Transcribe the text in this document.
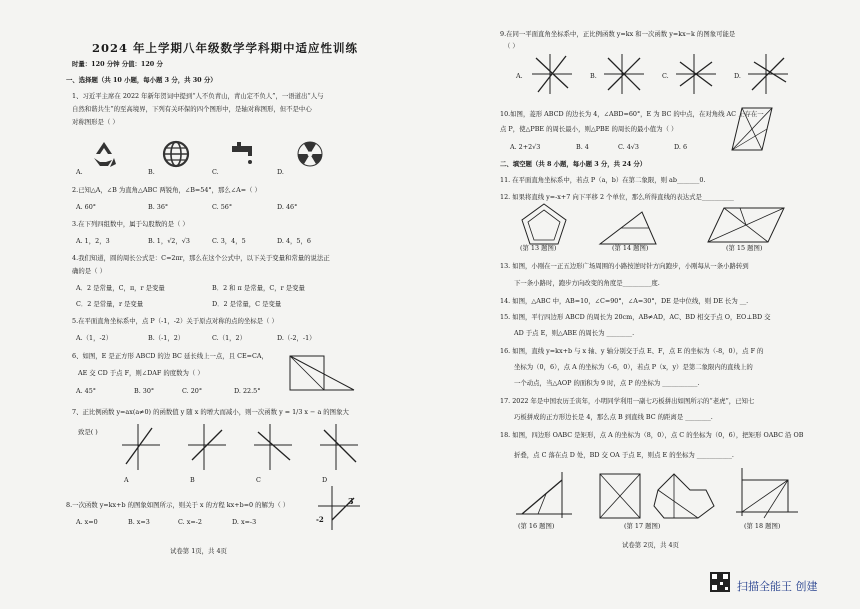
2024 年上学期八年级数学学科期中适应性训练
时量：120 分钟 分值：120 分
一、选择题（共 10 小题，每小题 3 分，共 30 分）
1、习近平主席在 2022 年新年贺词中提到“人不负青山，青山定不负人”，一语道出“人与
自然和谐共生”的至高境界，下列有关环保的四个图形中，是轴对称图形，但不是中心
对称图形是（ ）
A.	B.	C.	D.
2.已知△A，∠B 为直角△ABC 两锐角，∠B=54°，那么∠A=（ ）
A. 60°	B. 36°	C. 56°	D. 46°
3.在下列四组数中，属于勾股数的是（ ）
A. 1，2，3	B. 1，√2，√3	C. 3，4，5	D. 4，5，6
4.我们知道，圆的周长公式是：C=2πr，那么在这个公式中，以下关于变量和常量的说法正
确的是（ ）
A．2 是常量，C，π，r 是变量	B．2 和 π 是常量，C，r 是变量
C．2 是常量，r 是变量	D．2 是常量，C 是变量
5.在平面直角坐标系中，点 P（-1，-2）关于原点对称的点的坐标是（ ）
A.（1，-2）	B.（-1，2）	C.（1，2）	D.（-2，-1）
6、如图，E 是正方形 ABCD 的边 BC 延长线上一点，且 CE=CA，
AE 交 CD 于点 F，则∠DAF 的度数为（ ）
A. 45°	B. 30°	C. 20°	D. 22.5°
7、正比例函数 y=ax(a≠0) 的函数值 y 随 x 的增大而减小，则一次函数 y = 1/3 x − a 的图象大
致是( )
A	B	C	D
8.一次函数 y=kx+b 的图象如图所示，则关于 x 的方程 kx+b=0 的解为（ ）
A. x=0	B. x=3	C. x=-2	D. x=-3
3
-2
试卷第 1页，共 4页
9.在同一平面直角坐标系中，正比例函数 y=kx 和一次函数 y=kx−k 的图象可能是
（ ）
A.	B.	C.	D.
10.如图，菱形 ABCD 的边长为 4，∠ABD=60°，E 为 BC 的中点，在对角线 AC 上存在一
点 P，使△PBE 的周长最小，则△PBE 的周长的最小值为（ ）
A. 2+2√3	B. 4	C. 4√3	D. 6
二、填空题（共 8 小题，每小题 3 分，共 24 分）
11. 在平面直角坐标系中，若点 P（a，b）在第二象限，则 ab_______0.
12. 如果将直线 y=-x+7 向下平移 2 个单位，那么所得直线的表达式是__________
(第 13 题图)	(第 14 题图)	(第 15 题图)
13. 如图，小刚在一正五边形广场周围的小路按逆时针方向跑步，小刚每从一条小路转到
下一条小路时，跑步方向改变的角度是_________度.
14. 如图，△ABC 中，AB=10，∠C=90°，∠A=30°，DE 是中位线，则 DE 长为 __.
15. 如图，平行四边形 ABCD 的周长为 20cm，AB≠AD，AC、BD 相交于点 O，EO⊥BD 交
AD 于点 E，则△ABE 的周长为 ________.
16. 如图，直线 y=kx+b 与 x 轴、y 轴分别交于点 E、F，点 E 的坐标为（-8，0），点 F 的
坐标为（0，6），点 A 的坐标为（-6，0），若点 P（x，y）是第二象限内的直线上的
一个动点，当△AOP 的面积为 9 时，点 P 的坐标为 ___________.
17. 2022 年是中国农历壬寅年，小明同学利用一副七巧板拼出如图所示的“老虎”，已知七
巧板拼成的正方形边长是 4，那么点 B 到直线 BC 的距离是 ________.
18. 如图，四边形 OABC 是矩形，点 A 的坐标为（8，0），点 C 的坐标为（0，6），把矩形 OABC 沿 OB
折叠，点 C 落在点 D 处，BD 交 OA 于点 E，则点 E 的坐标为 ___________.
(第 16 题图)	(第 17 题图)	(第 18 题图)
试卷第 2页，共 4页
扫描全能王 创建
